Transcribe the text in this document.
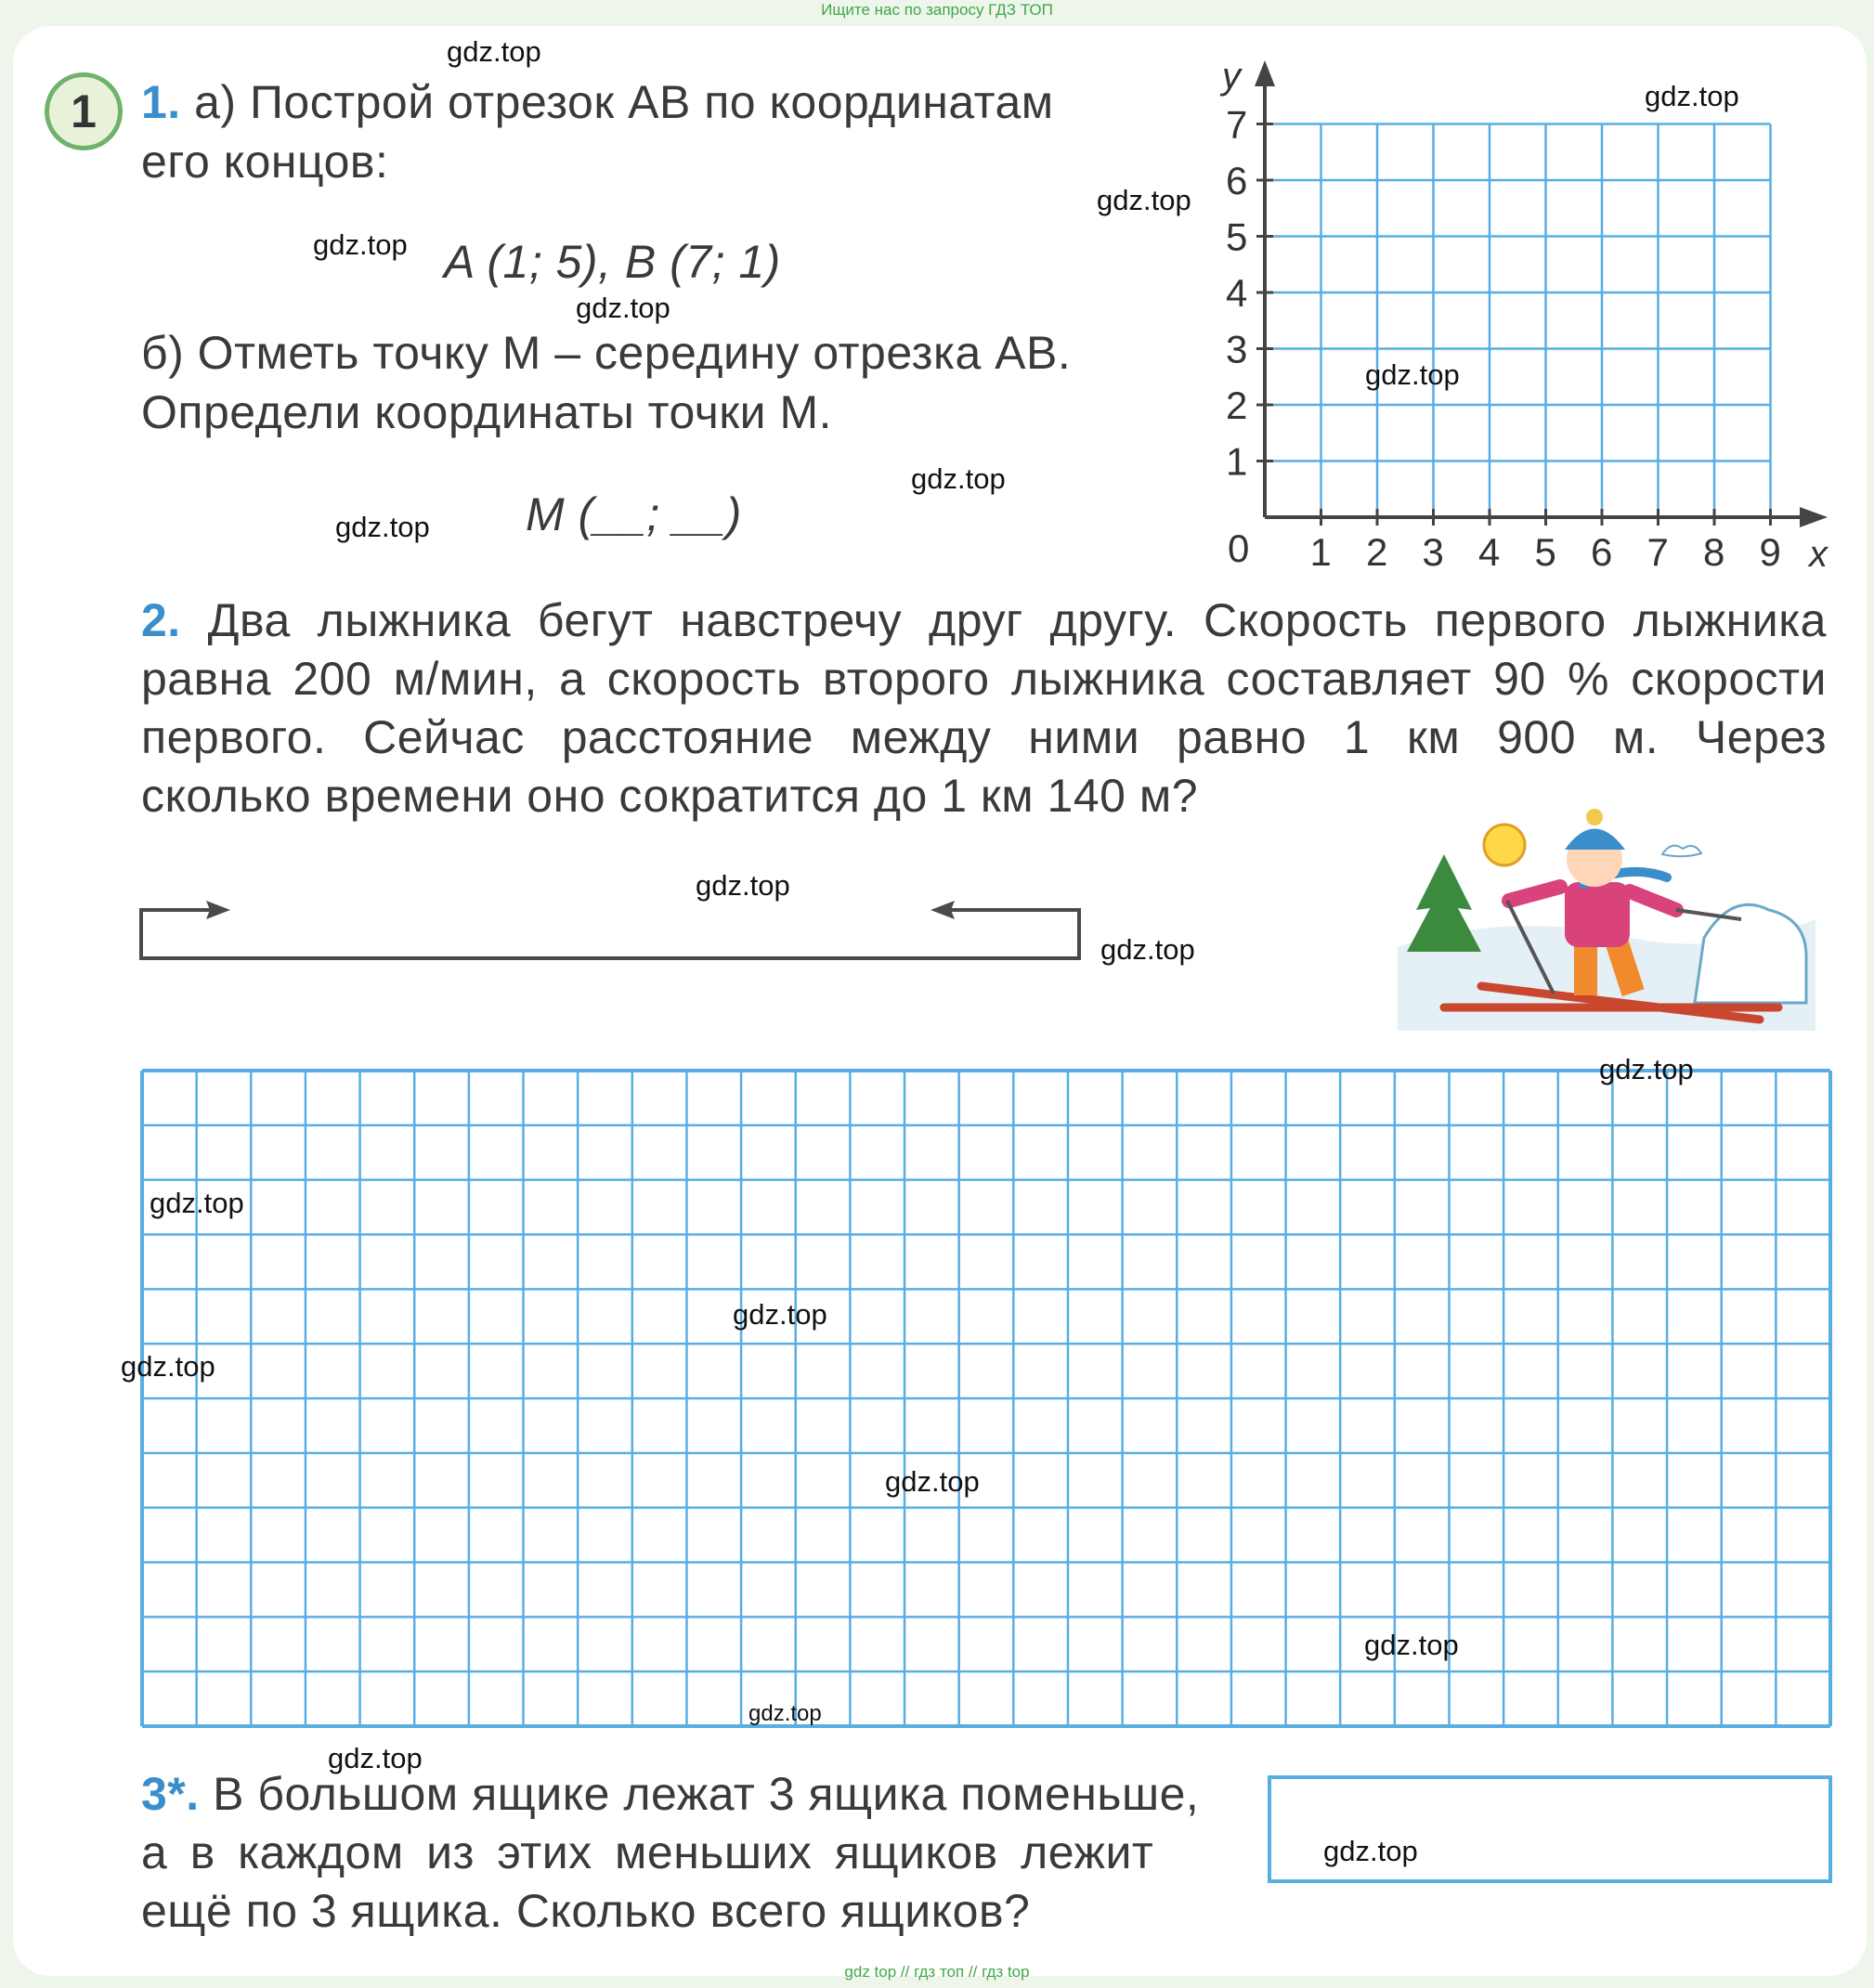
Ищите нас по запросу ГДЗ ТОП
1 1. а) Построй отрезок AB по координатам
его концов:
A (1; 5), B (7; 1)
б) Отметь точку M – середину отрезка AB.
Определи координаты точки M.
M (__; __)
1 2 3 4 5 6 7 8 9
1
2
3
4
5
6
7
0	x
y
2. Два лыжника бегут навстречу друг другу. Скорость первого лыжника
равна 200 м/мин, а скорость второго лыжника составляет 90 % скорости
первого. Сейчас расстояние между ними равно 1 км 900 м. Через
сколько времени оно сократится до 1 км 140 м?
3*. В большом ящике лежат 3 ящика поменьше,
а в каждом из этих меньших ящиков лежит
ещё по 3 ящика. Сколько всего ящиков?
gdz.top
gdz.top
gdz.top
gdz.top
gdz.top
gdz.top
gdz.top
gdz.top
gdz.top
gdz.top
gdz.top
gdz.top
gdz.top
gdz.top
gdz.top
gdz.top
gdz.top
gdz.top
gdz.top
gdz top // гдз топ // гдз top
